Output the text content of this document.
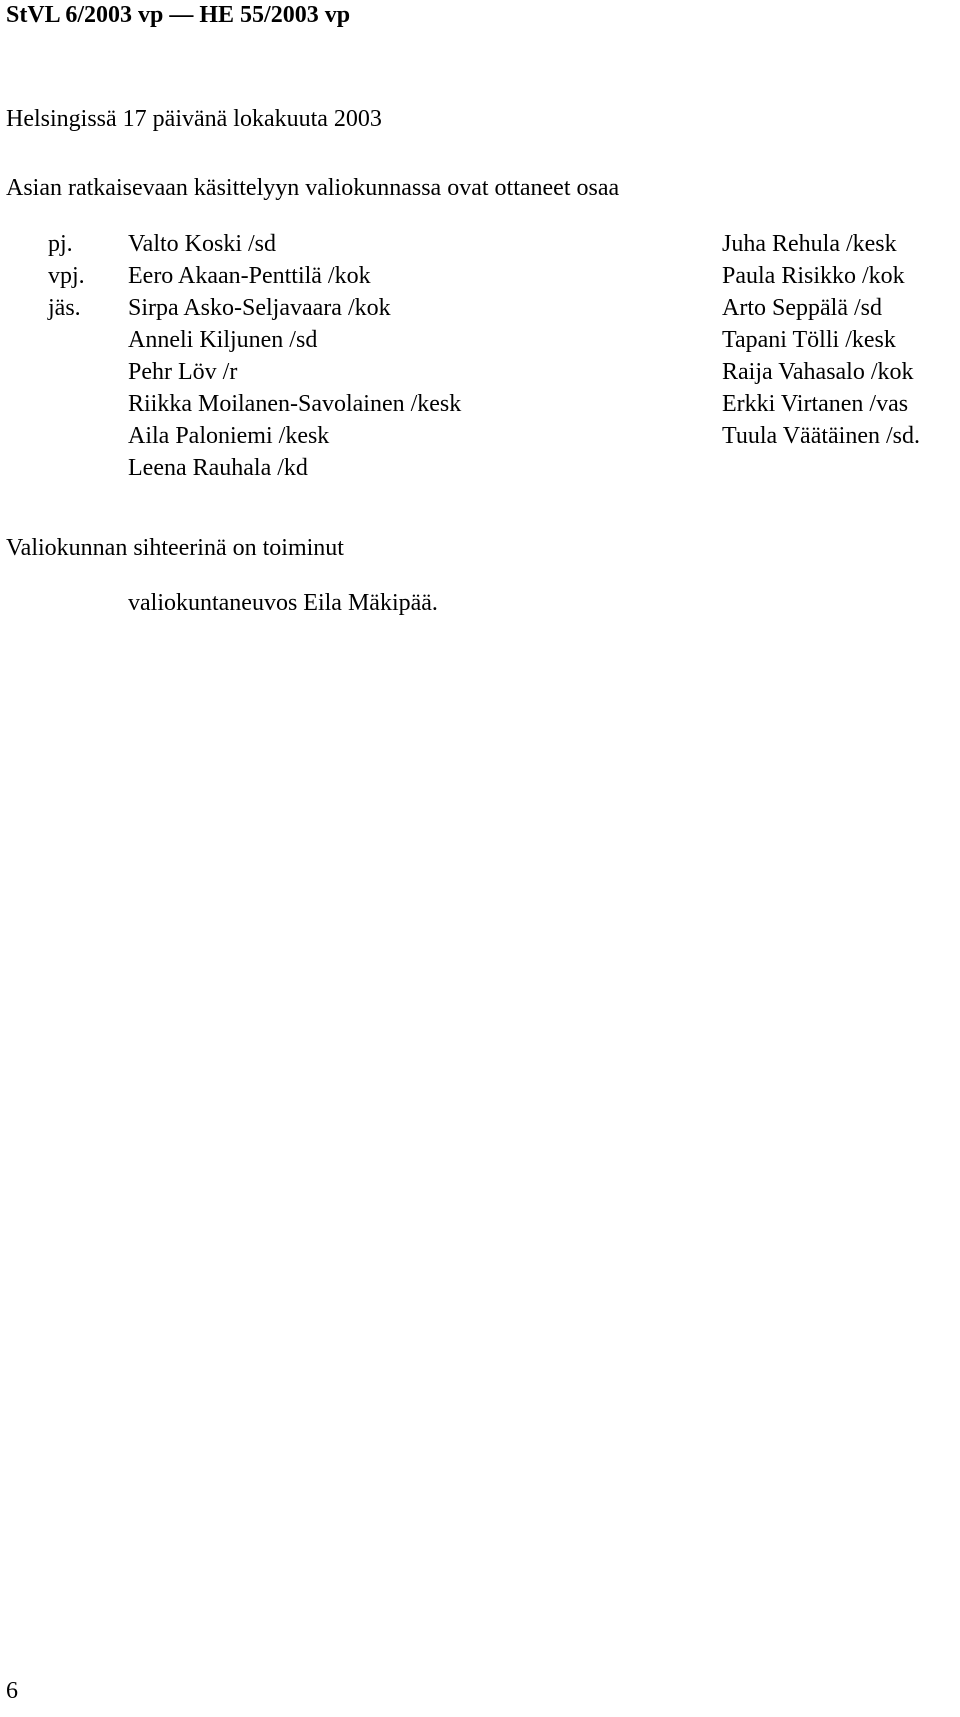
StVL 6/2003 vp — HE 55/2003 vp
Helsingissä 17 päivänä lokakuuta 2003
Asian ratkaisevaan käsittelyyn valiokunnassa ovat ottaneet osaa
pj. Valto Koski /sd	Juha Rehula /kesk
vpj. Eero Akaan-Penttilä /kok	Paula Risikko /kok
jäs. Sirpa Asko-Seljavaara /kok	Arto Seppälä /sd
Anneli Kiljunen /sd	Tapani Tölli /kesk
Pehr Löv /r	Raija Vahasalo /kok
Riikka Moilanen-Savolainen /kesk	Erkki Virtanen /vas
Aila Paloniemi /kesk	Tuula Väätäinen /sd.
Leena Rauhala /kd
Valiokunnan sihteerinä on toiminut
valiokuntaneuvos Eila Mäkipää.
6
